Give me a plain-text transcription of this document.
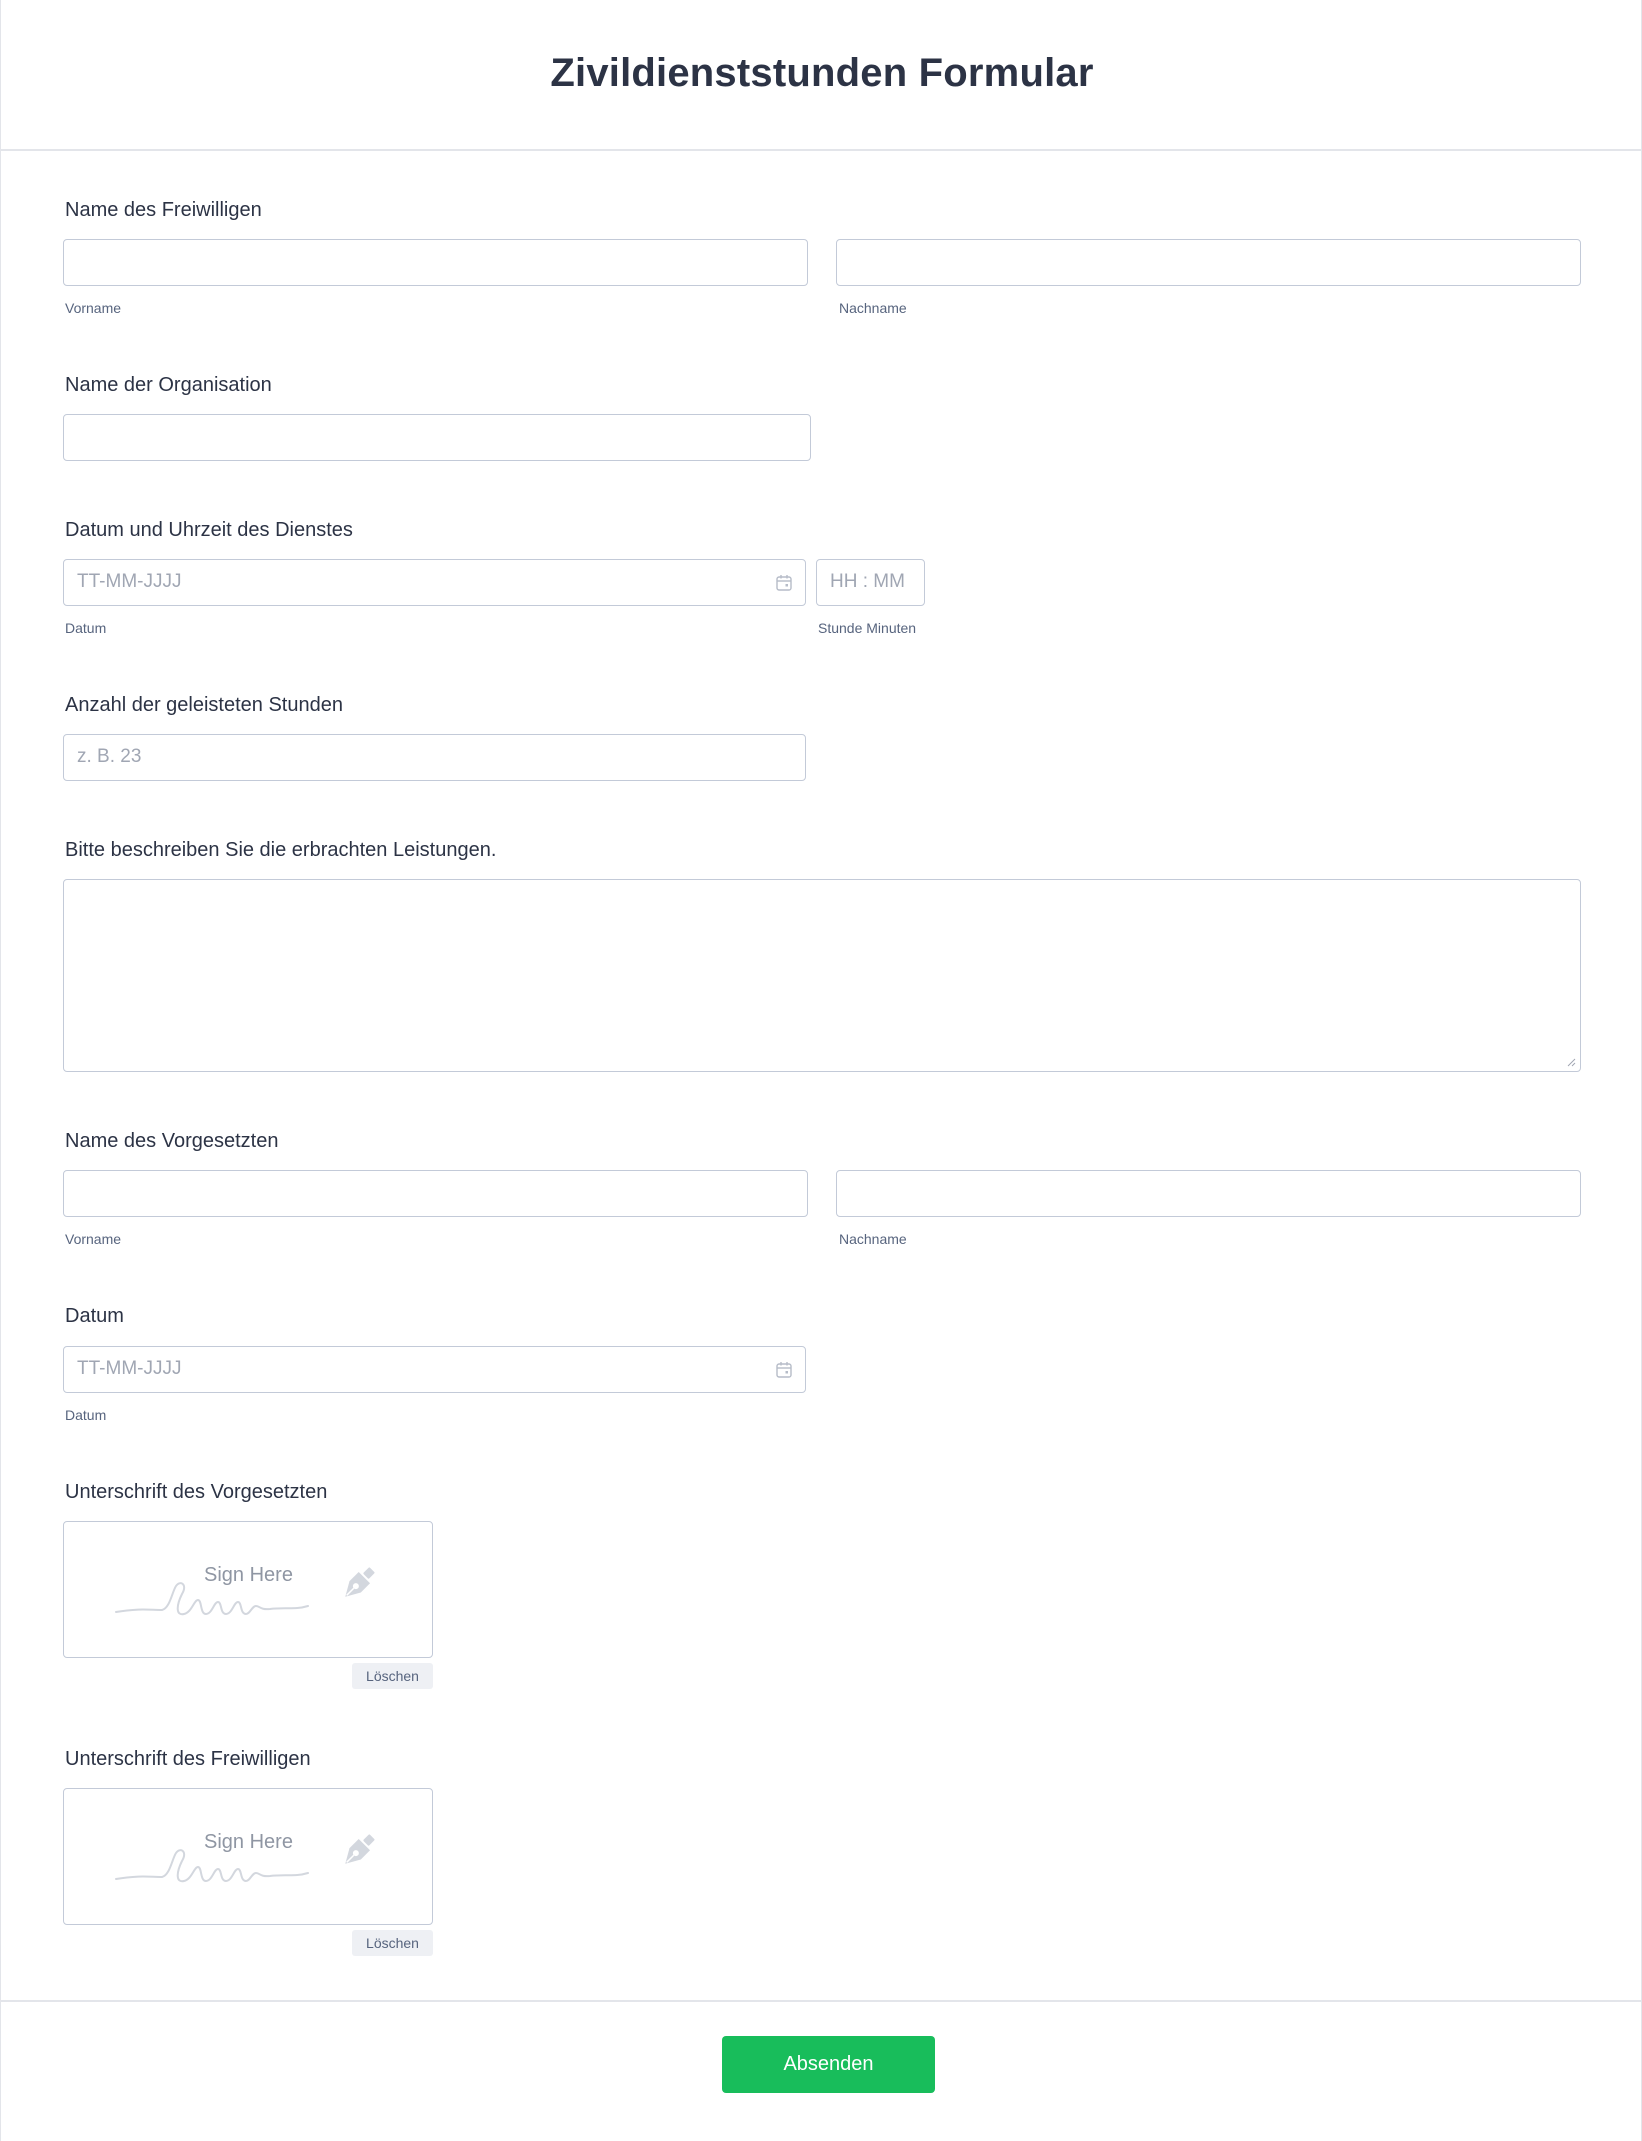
Zivildienststunden Formular
Name des Freiwilligen
Vorname	Nachname
Name der Organisation
Datum und Uhrzeit des Dienstes
TT-MM-JJJJ	HH : MM
Datum	Stunde Minuten
Anzahl der geleisteten Stunden
z. B. 23
Bitte beschreiben Sie die erbrachten Leistungen.
Name des Vorgesetzten
Vorname	Nachname
Datum
TT-MM-JJJJ
Datum
Unterschrift des Vorgesetzten
Sign Here
Löschen
Unterschrift des Freiwilligen
Sign Here
Löschen
Absenden
